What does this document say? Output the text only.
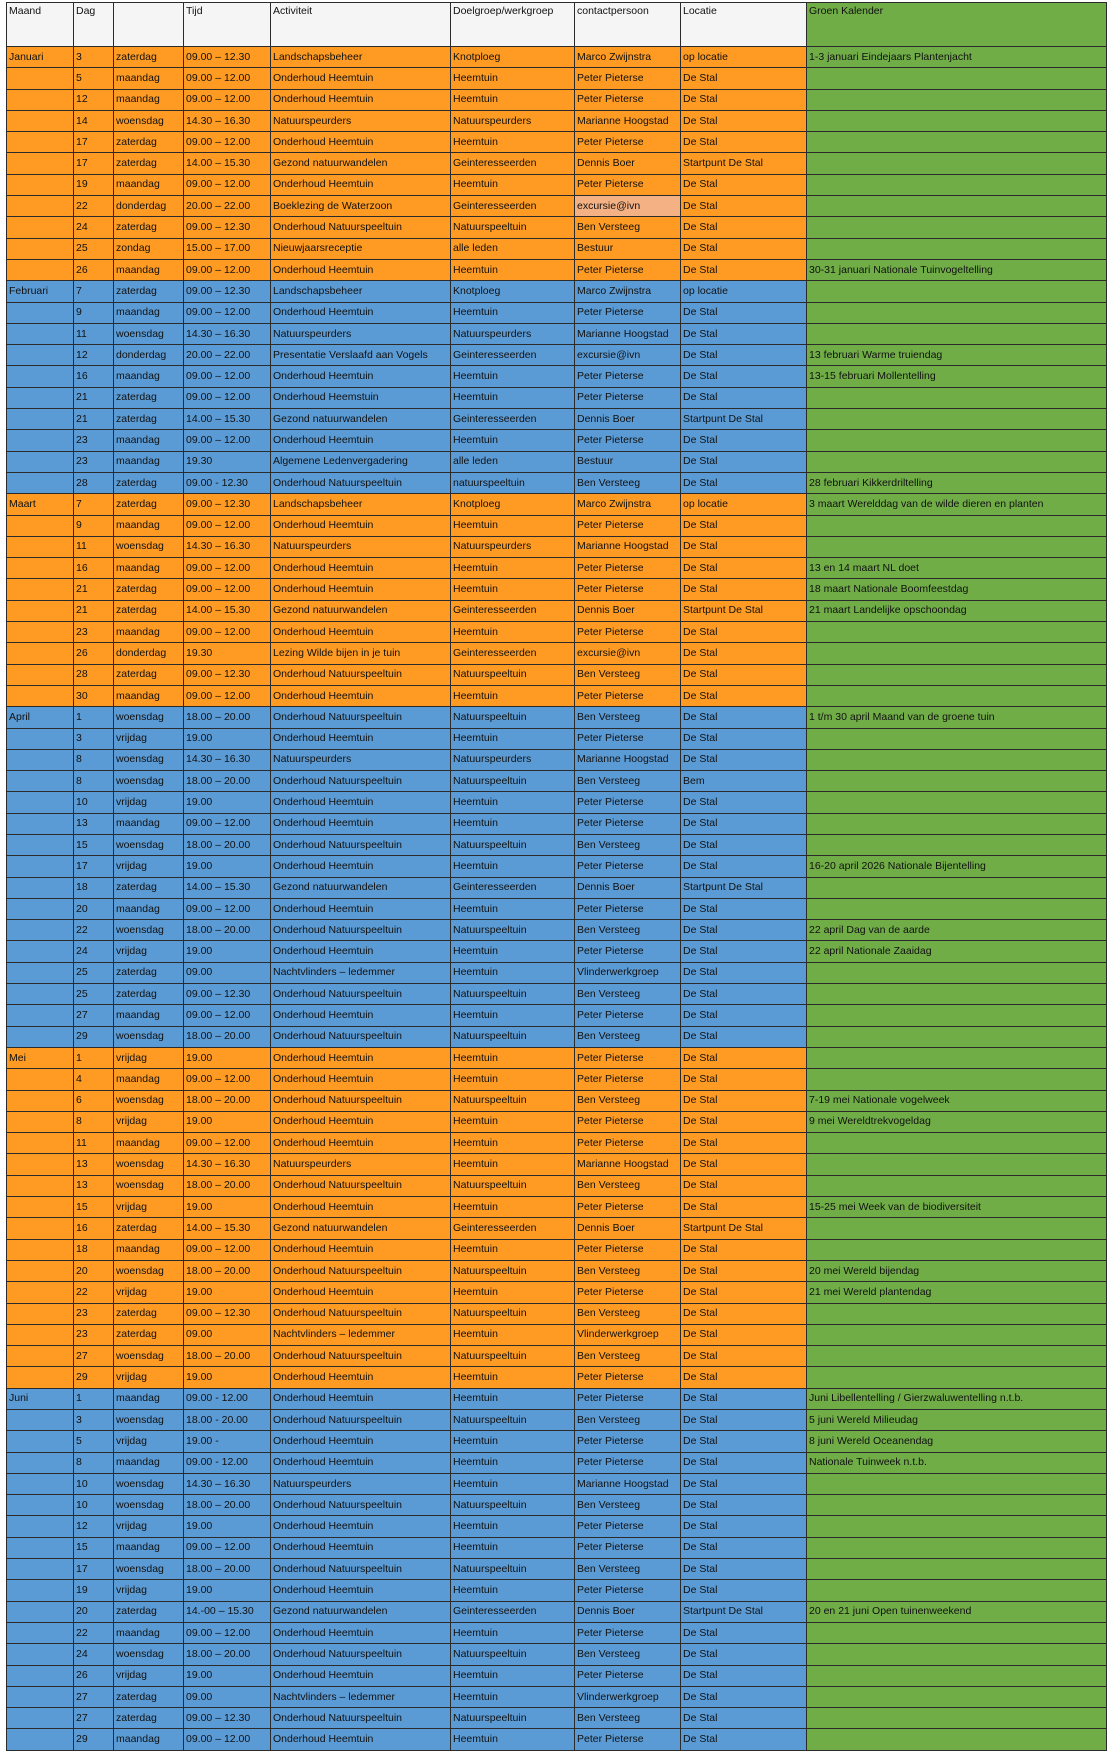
Maand	Dag		Tijd	Activiteit	Doelgroep/werkgroep	contactpersoon	Locatie	Groen Kalender
Januari	3	zaterdag	09.00 – 12.30	Landschapsbeheer	Knotploeg	Marco Zwijnstra	op locatie	1-3 januari Eindejaars Plantenjacht
	5	maandag	09.00 – 12.00	Onderhoud Heemtuin	Heemtuin	Peter Pieterse	De Stal	
	12	maandag	09.00 – 12.00	Onderhoud Heemtuin	Heemtuin	Peter Pieterse	De Stal	
	14	woensdag	14.30 – 16.30	Natuurspeurders	Natuurspeurders	Marianne Hoogstad	De Stal	
	17	zaterdag	09.00 – 12.00	Onderhoud Heemtuin	Heemtuin	Peter Pieterse	De Stal	
	17	zaterdag	14.00 – 15.30	Gezond natuurwandelen	Geinteresseerden	Dennis Boer	Startpunt De Stal	
	19	maandag	09.00 – 12.00	Onderhoud Heemtuin	Heemtuin	Peter Pieterse	De Stal	
	22	donderdag	20.00 – 22.00	Boeklezing de Waterzoon	Geinteresseerden	excursie@ivn	De Stal	
	24	zaterdag	09.00 – 12.30	Onderhoud Natuurspeeltuin	Natuurspeeltuin	Ben Versteeg	De Stal	
	25	zondag	15.00 – 17.00	Nieuwjaarsreceptie	alle leden	Bestuur	De Stal	
	26	maandag	09.00 – 12.00	Onderhoud Heemtuin	Heemtuin	Peter Pieterse	De Stal	30-31 januari Nationale Tuinvogeltelling
Februari	7	zaterdag	09.00 – 12.30	Landschapsbeheer	Knotploeg	Marco Zwijnstra	op locatie	
	9	maandag	09.00 – 12.00	Onderhoud Heemtuin	Heemtuin	Peter Pieterse	De Stal	
	11	woensdag	14.30 – 16.30	Natuurspeurders	Natuurspeurders	Marianne Hoogstad	De Stal	
	12	donderdag	20.00 – 22.00	Presentatie Verslaafd aan Vogels	Geinteresseerden	excursie@ivn	De Stal	13 februari Warme truiendag
	16	maandag	09.00 – 12.00	Onderhoud Heemtuin	Heemtuin	Peter Pieterse	De Stal	13-15 februari Mollentelling
	21	zaterdag	09.00 – 12.00	Onderhoud Heemstuin	Heemtuin	Peter Pieterse	De Stal	
	21	zaterdag	14.00 – 15.30	Gezond natuurwandelen	Geinteresseerden	Dennis Boer	Startpunt De Stal	
	23	maandag	09.00 – 12.00	Onderhoud Heemtuin	Heemtuin	Peter Pieterse	De Stal	
	23	maandag	19.30	Algemene Ledenvergadering	alle leden	Bestuur	De Stal	
	28	zaterdag	09.00 - 12.30	Onderhoud Natuurspeeltuin	natuurspeeltuin	Ben Versteeg	De Stal	28 februari Kikkerdriltelling
Maart	7	zaterdag	09.00 – 12.30	Landschapsbeheer	Knotploeg	Marco Zwijnstra	op locatie	3 maart Werelddag van de wilde dieren en planten
	9	maandag	09.00 – 12.00	Onderhoud Heemtuin	Heemtuin	Peter Pieterse	De Stal	
	11	woensdag	14.30 – 16.30	Natuurspeurders	Natuurspeurders	Marianne Hoogstad	De Stal	
	16	maandag	09.00 – 12.00	Onderhoud Heemtuin	Heemtuin	Peter Pieterse	De Stal	13 en 14 maart NL doet
	21	zaterdag	09.00 – 12.00	Onderhoud Heemtuin	Heemtuin	Peter Pieterse	De Stal	18 maart Nationale Boomfeestdag
	21	zaterdag	14.00 – 15.30	Gezond natuurwandelen	Geinteresseerden	Dennis Boer	Startpunt De Stal	21 maart Landelijke opschoondag
	23	maandag	09.00 – 12.00	Onderhoud Heemtuin	Heemtuin	Peter Pieterse	De Stal	
	26	donderdag	19.30	Lezing Wilde bijen in je tuin	Geinteresseerden	excursie@ivn	De Stal	
	28	zaterdag	09.00 – 12.30	Onderhoud Natuurspeeltuin	Natuurspeeltuin	Ben Versteeg	De Stal	
	30	maandag	09.00 – 12.00	Onderhoud Heemtuin	Heemtuin	Peter Pieterse	De Stal	
April	1	woensdag	18.00 – 20.00	Onderhoud Natuurspeeltuin	Natuurspeeltuin	Ben Versteeg	De Stal	1 t/m 30 april Maand van de groene tuin
	3	vrijdag	19.00	Onderhoud Heemtuin	Heemtuin	Peter Pieterse	De Stal	
	8	woensdag	14.30 – 16.30	Natuurspeurders	Natuurspeurders	Marianne Hoogstad	De Stal	
	8	woensdag	18.00 – 20.00	Onderhoud Natuurspeeltuin	Natuurspeeltuin	Ben Versteeg	Bem	
	10	vrijdag	19.00	Onderhoud Heemtuin	Heemtuin	Peter Pieterse	De Stal	
	13	maandag	09.00 – 12.00	Onderhoud Heemtuin	Heemtuin	Peter Pieterse	De Stal	
	15	woensdag	18.00 – 20.00	Onderhoud Natuurspeeltuin	Natuurspeeltuin	Ben Versteeg	De Stal	
	17	vrijdag	19.00	Onderhoud Heemtuin	Heemtuin	Peter Pieterse	De Stal	16-20 april 2026 Nationale Bijentelling
	18	zaterdag	14.00 – 15.30	Gezond natuurwandelen	Geinteresseerden	Dennis Boer	Startpunt De Stal	
	20	maandag	09.00 – 12.00	Onderhoud Heemtuin	Heemtuin	Peter Pieterse	De Stal	
	22	woensdag	18.00 – 20.00	Onderhoud Natuurspeeltuin	Natuurspeeltuin	Ben Versteeg	De Stal	22 april Dag van de aarde
	24	vrijdag	19.00	Onderhoud Heemtuin	Heemtuin	Peter Pieterse	De Stal	22 april Nationale Zaaidag
	25	zaterdag	09.00	Nachtvlinders – ledemmer	Heemtuin	Vlinderwerkgroep	De Stal	
	25	zaterdag	09.00 – 12.30	Onderhoud Natuurspeeltuin	Natuurspeeltuin	Ben Versteeg	De Stal	
	27	maandag	09.00 – 12.00	Onderhoud Heemtuin	Heemtuin	Peter Pieterse	De Stal	
	29	woensdag	18.00 – 20.00	Onderhoud Natuurspeeltuin	Natuurspeeltuin	Ben Versteeg	De Stal	
Mei	1	vrijdag	19.00	Onderhoud Heemtuin	Heemtuin	Peter Pieterse	De Stal	
	4	maandag	09.00 – 12.00	Onderhoud Heemtuin	Heemtuin	Peter Pieterse	De Stal	
	6	woensdag	18.00 – 20.00	Onderhoud Natuurspeeltuin	Natuurspeeltuin	Ben Versteeg	De Stal	7-19 mei Nationale vogelweek
	8	vrijdag	19.00	Onderhoud Heemtuin	Heemtuin	Peter Pieterse	De Stal	9 mei Wereldtrekvogeldag
	11	maandag	09.00 – 12.00	Onderhoud Heemtuin	Heemtuin	Peter Pieterse	De Stal	
	13	woensdag	14.30 – 16.30	Natuurspeurders	Heemtuin	Marianne Hoogstad	De Stal	
	13	woensdag	18.00 – 20.00	Onderhoud Natuurspeeltuin	Natuurspeeltuin	Ben Versteeg	De Stal	
	15	vrijdag	19.00	Onderhoud Heemtuin	Heemtuin	Peter Pieterse	De Stal	15-25 mei Week van de biodiversiteit
	16	zaterdag	14.00 – 15.30	Gezond natuurwandelen	Geinteresseerden	Dennis Boer	Startpunt De Stal	
	18	maandag	09.00 – 12.00	Onderhoud Heemtuin	Heemtuin	Peter Pieterse	De Stal	
	20	woensdag	18.00 – 20.00	Onderhoud Natuurspeeltuin	Natuurspeeltuin	Ben Versteeg	De Stal	20 mei Wereld bijendag
	22	vrijdag	19.00	Onderhoud Heemtuin	Heemtuin	Peter Pieterse	De Stal	21 mei Wereld plantendag
	23	zaterdag	09.00 – 12.30	Onderhoud Natuurspeeltuin	Natuurspeeltuin	Ben Versteeg	De Stal	
	23	zaterdag	09.00	Nachtvlinders – ledemmer	Heemtuin	Vlinderwerkgroep	De Stal	
	27	woensdag	18.00 – 20.00	Onderhoud Natuurspeeltuin	Natuurspeeltuin	Ben Versteeg	De Stal	
	29	vrijdag	19.00	Onderhoud Heemtuin	Heemtuin	Peter Pieterse	De Stal	
Juni	1	maandag	09.00 - 12.00	Onderhoud Heemtuin	Heemtuin	Peter Pieterse	De Stal	Juni Libellentelling / Gierzwaluwentelling n.t.b.
	3	woensdag	18.00 - 20.00	Onderhoud Natuurspeeltuin	Natuurspeeltuin	Ben Versteeg	De Stal	5 juni Wereld Milieudag
	5	vrijdag	19.00 -	Onderhoud Heemtuin	Heemtuin	Peter Pieterse	De Stal	8 juni Wereld Oceanendag
	8	maandag	09.00 - 12.00	Onderhoud Heemtuin	Heemtuin	Peter Pieterse	De Stal	Nationale Tuinweek n.t.b.
	10	woensdag	14.30 – 16.30	Natuurspeurders	Heemtuin	Marianne Hoogstad	De Stal	
	10	woensdag	18.00 – 20.00	Onderhoud Natuurspeeltuin	Natuurspeeltuin	Ben Versteeg	De Stal	
	12	vrijdag	19.00	Onderhoud Heemtuin	Heemtuin	Peter Pieterse	De Stal	
	15	maandag	09.00 – 12.00	Onderhoud Heemtuin	Heemtuin	Peter Pieterse	De Stal	
	17	woensdag	18.00 – 20.00	Onderhoud Natuurspeeltuin	Natuurspeeltuin	Ben Versteeg	De Stal	
	19	vrijdag	19.00	Onderhoud Heemtuin	Heemtuin	Peter Pieterse	De Stal	
	20	zaterdag	14.-00 – 15.30	Gezond natuurwandelen	Geinteresseerden	Dennis Boer	Startpunt De Stal	20 en 21 juni Open tuinenweekend
	22	maandag	09.00 – 12.00	Onderhoud Heemtuin	Heemtuin	Peter Pieterse	De Stal	
	24	woensdag	18.00 – 20.00	Onderhoud Natuurspeeltuin	Natuurspeeltuin	Ben Versteeg	De Stal	
	26	vrijdag	19.00	Onderhoud Heemtuin	Heemtuin	Peter Pieterse	De Stal	
	27	zaterdag	09.00	Nachtvlinders – ledemmer	Heemtuin	Vlinderwerkgroep	De Stal	
	27	zaterdag	09.00 – 12.30	Onderhoud Natuurspeeltuin	Natuurspeeltuin	Ben Versteeg	De Stal	
	29	maandag	09.00 – 12.00	Onderhoud Heemtuin	Heemtuin	Peter Pieterse	De Stal	
